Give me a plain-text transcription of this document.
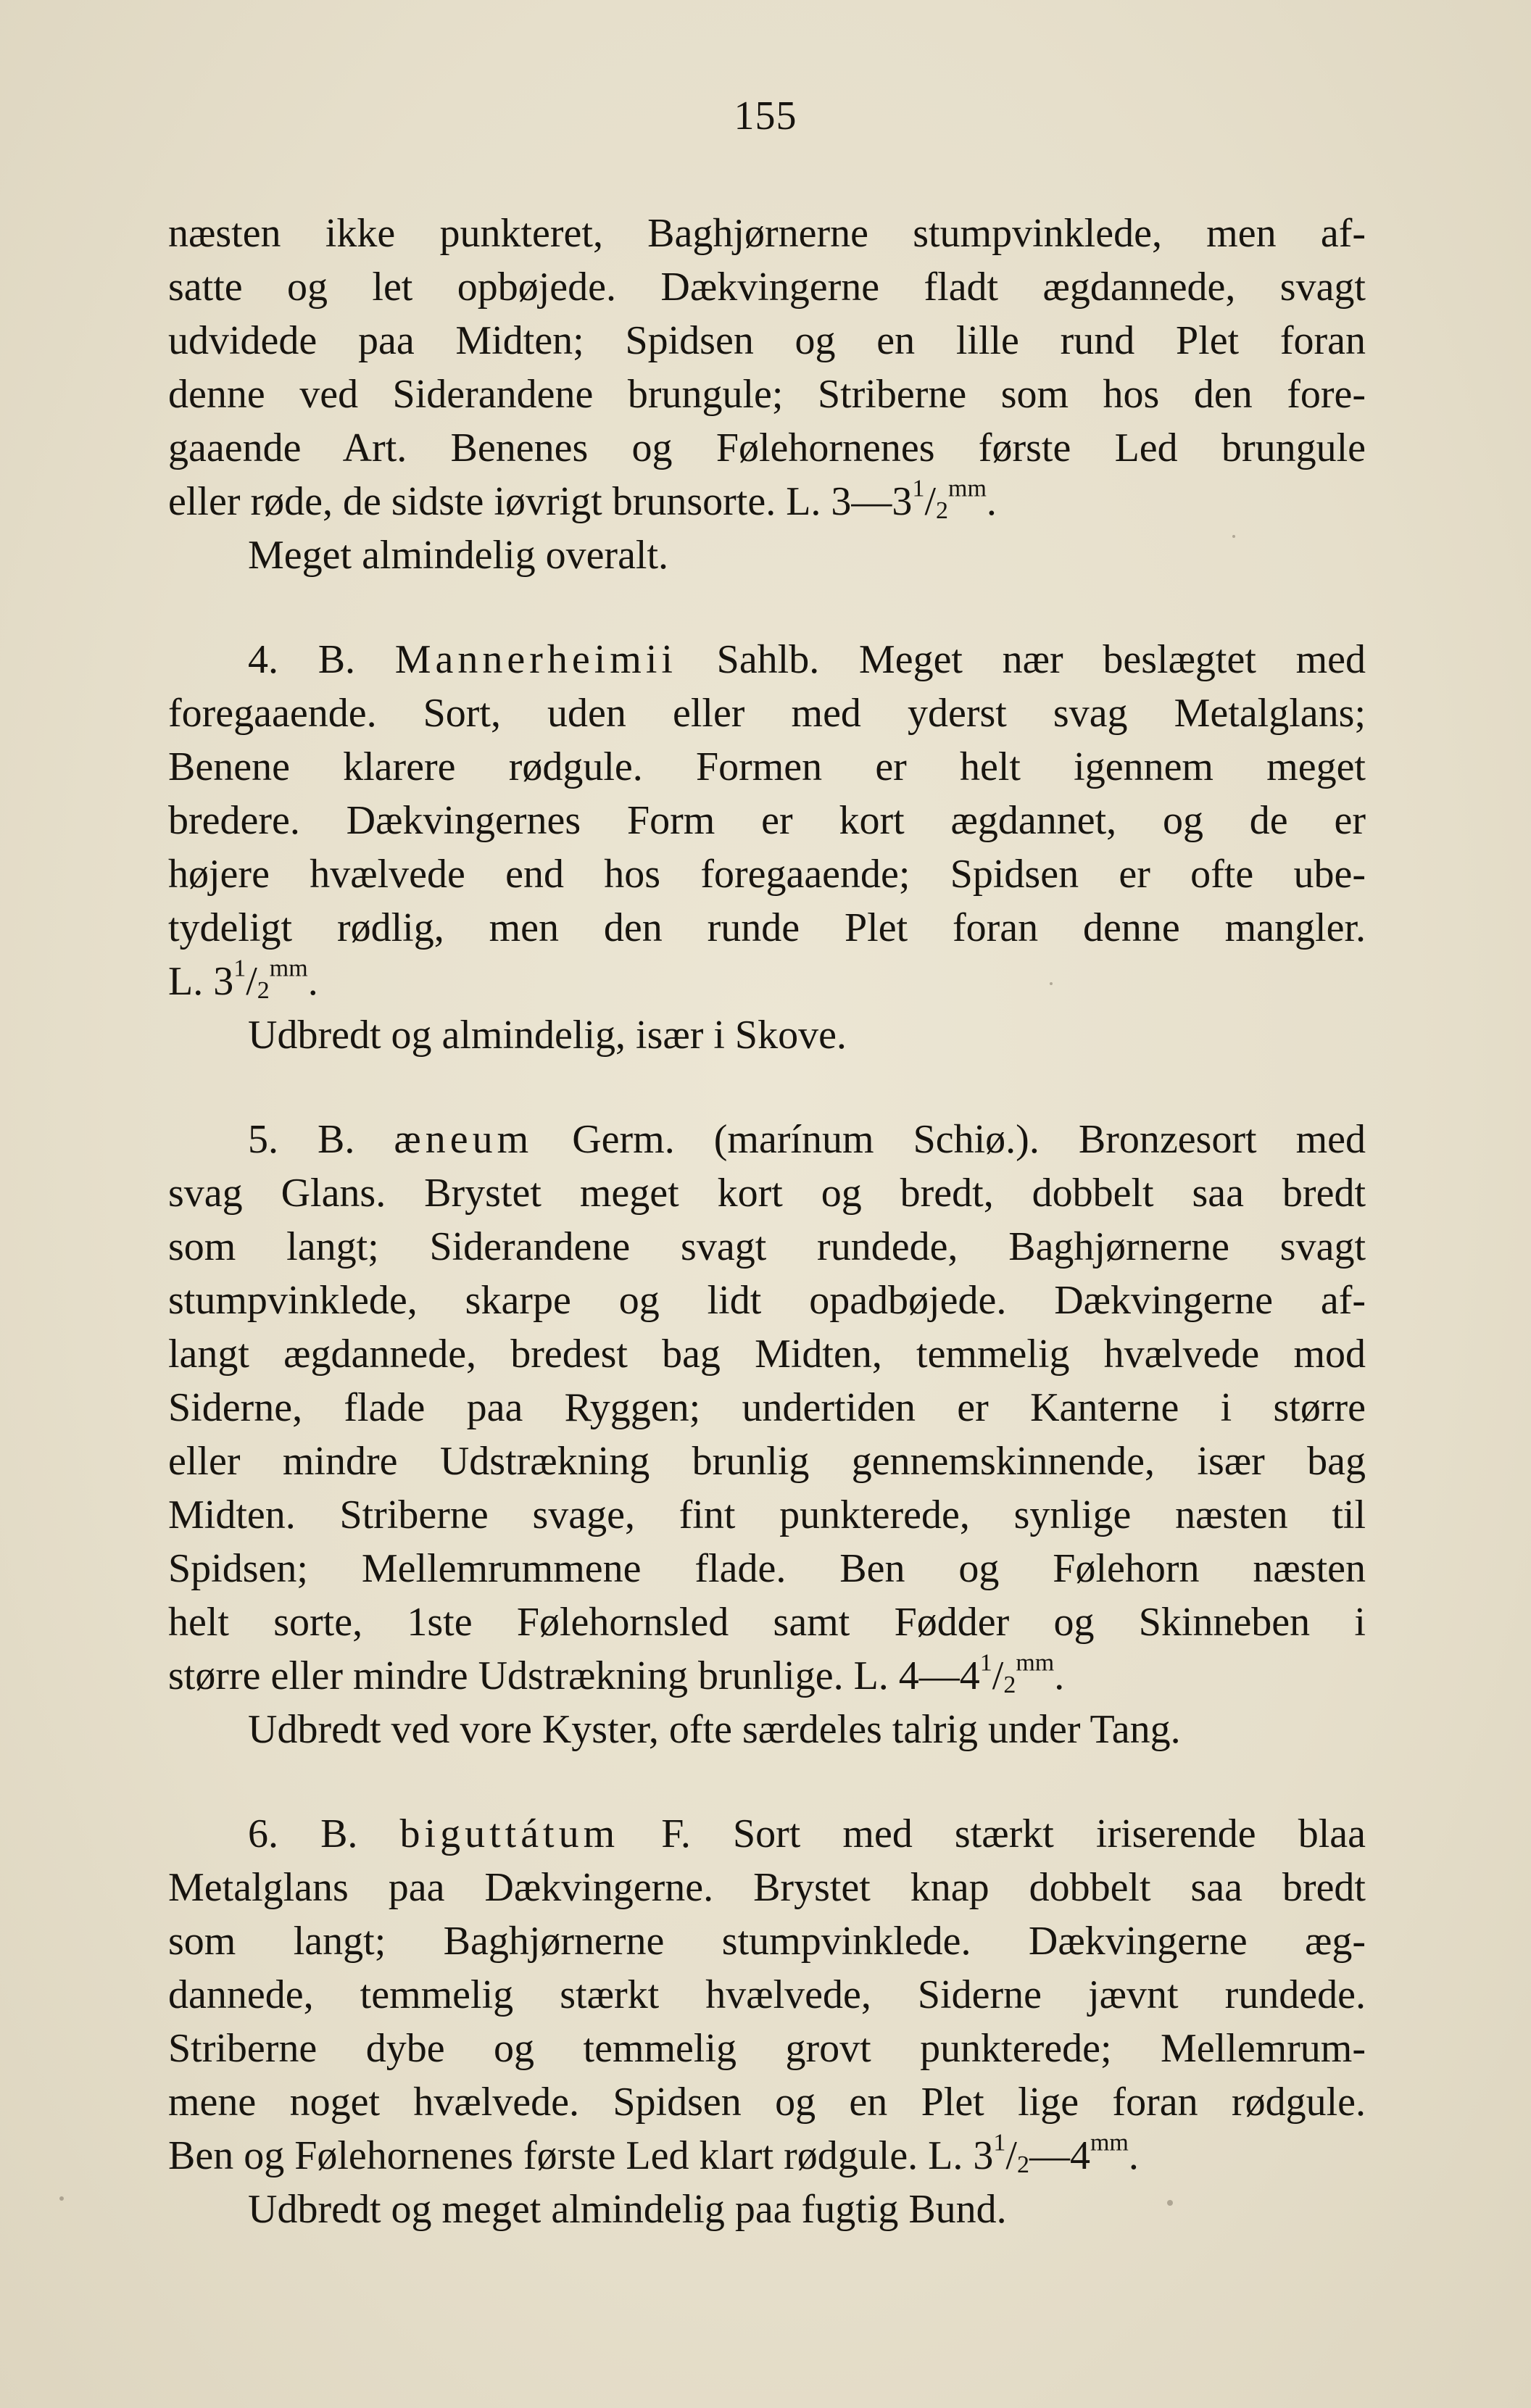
155
næsten ikke punkteret, Baghjørnerne stumpvinklede, men af-
satte og let opbøjede. Dækvingerne fladt ægdannede, svagt
udvidede paa Midten; Spidsen og en lille rund Plet foran
denne ved Siderandene brungule; Striberne som hos den fore-
gaaende Art. Benenes og Følehornenes første Led brungule
eller røde, de sidste iøvrigt brunsorte. L. $3—3^1/_2^{mm}$.
Meget almindelig overalt.
4. B. Mannerheimii Sahlb. Meget nær beslægtet med
foregaaende. Sort, uden eller med yderst svag Metalglans;
Benene klarere rødgule. Formen er helt igennem meget
bredere. Dækvingernes Form er kort ægdannet, og de er
højere hvælvede end hos foregaaende; Spidsen er ofte ube-
tydeligt rødlig, men den runde Plet foran denne mangler.
L. $3^1/_2^{mm}$.
Udbredt og almindelig, især i Skove.
5. B. æneum Germ. (marínum Schiø.). Bronzesort med
svag Glans. Brystet meget kort og bredt, dobbelt saa bredt
som langt; Siderandene svagt rundede, Baghjørnerne svagt
stumpvinklede, skarpe og lidt opadbøjede. Dækvingerne af-
langt ægdannede, bredest bag Midten, temmelig hvælvede mod
Siderne, flade paa Ryggen; undertiden er Kanterne i større
eller mindre Udstrækning brunlig gennemskinnende, især bag
Midten. Striberne svage, fint punkterede, synlige næsten til
Spidsen; Mellemrummene flade. Ben og Følehorn næsten
helt sorte, 1ste Følehornsled samt Fødder og Skinneben i
større eller mindre Udstrækning brunlige. L. $4—4^1/_2^{mm}$.
Udbredt ved vore Kyster, ofte særdeles talrig under Tang.
6. B. biguttátum F. Sort med stærkt iriserende blaa
Metalglans paa Dækvingerne. Brystet knap dobbelt saa bredt
som langt; Baghjørnerne stumpvinklede. Dækvingerne æg-
dannede, temmelig stærkt hvælvede, Siderne jævnt rundede.
Striberne dybe og temmelig grovt punkterede; Mellemrum-
mene noget hvælvede. Spidsen og en Plet lige foran rødgule.
Ben og Følehornenes første Led klart rødgule. L. $3^1/_2—4^{mm}$.
Udbredt og meget almindelig paa fugtig Bund.
